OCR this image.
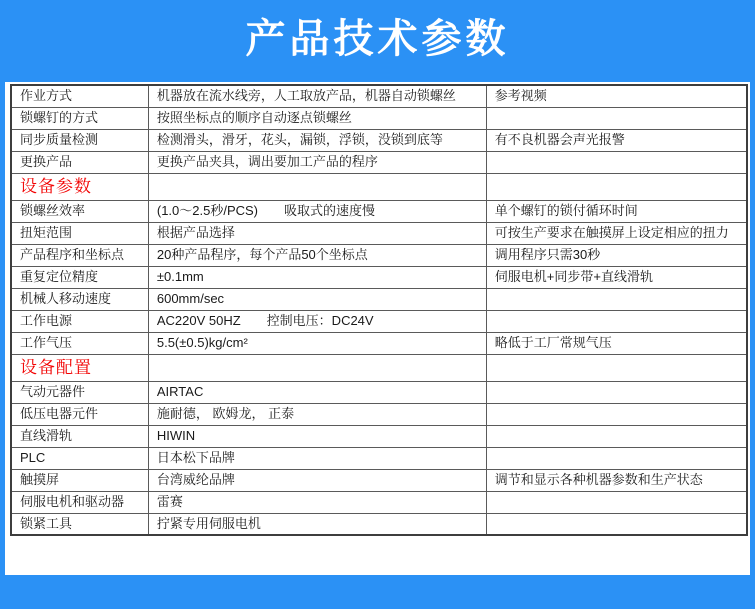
产品技术参数
作业方式	机器放在流水线旁，人工取放产品，机器自动锁螺丝	参考视频
锁螺钉的方式	按照坐标点的顺序自动逐点锁螺丝	
同步质量检测	检测滑头，滑牙，花头，漏锁，浮锁，没锁到底等	有不良机器会声光报警
更换产品	更换产品夹具，调出要加工产品的程序	
设备参数		
锁螺丝效率	(1.0～2.5秒/PCS)　　吸取式的速度慢	单个螺钉的锁付循环时间
扭矩范围	根据产品选择	可按生产要求在触摸屏上设定相应的扭力
产品程序和坐标点	20种产品程序，每个产品50个坐标点	调用程序只需30秒
重复定位精度	±0.1mm	伺服电机+同步带+直线滑轨
机械人移动速度	600mm/sec	
工作电源	AC220V 50HZ　　控制电压：DC24V	
工作气压	5.5(±0.5)kg/cm²	略低于工厂常规气压
设备配置		
气动元器件	AIRTAC	
低压电器元件	施耐德， 欧姆龙， 正泰	
直线滑轨	HIWIN	
PLC	日本松下品牌	
触摸屏	台湾威纶品牌	调节和显示各种机器参数和生产状态
伺服电机和驱动器	雷赛	
锁紧工具	拧紧专用伺服电机	
